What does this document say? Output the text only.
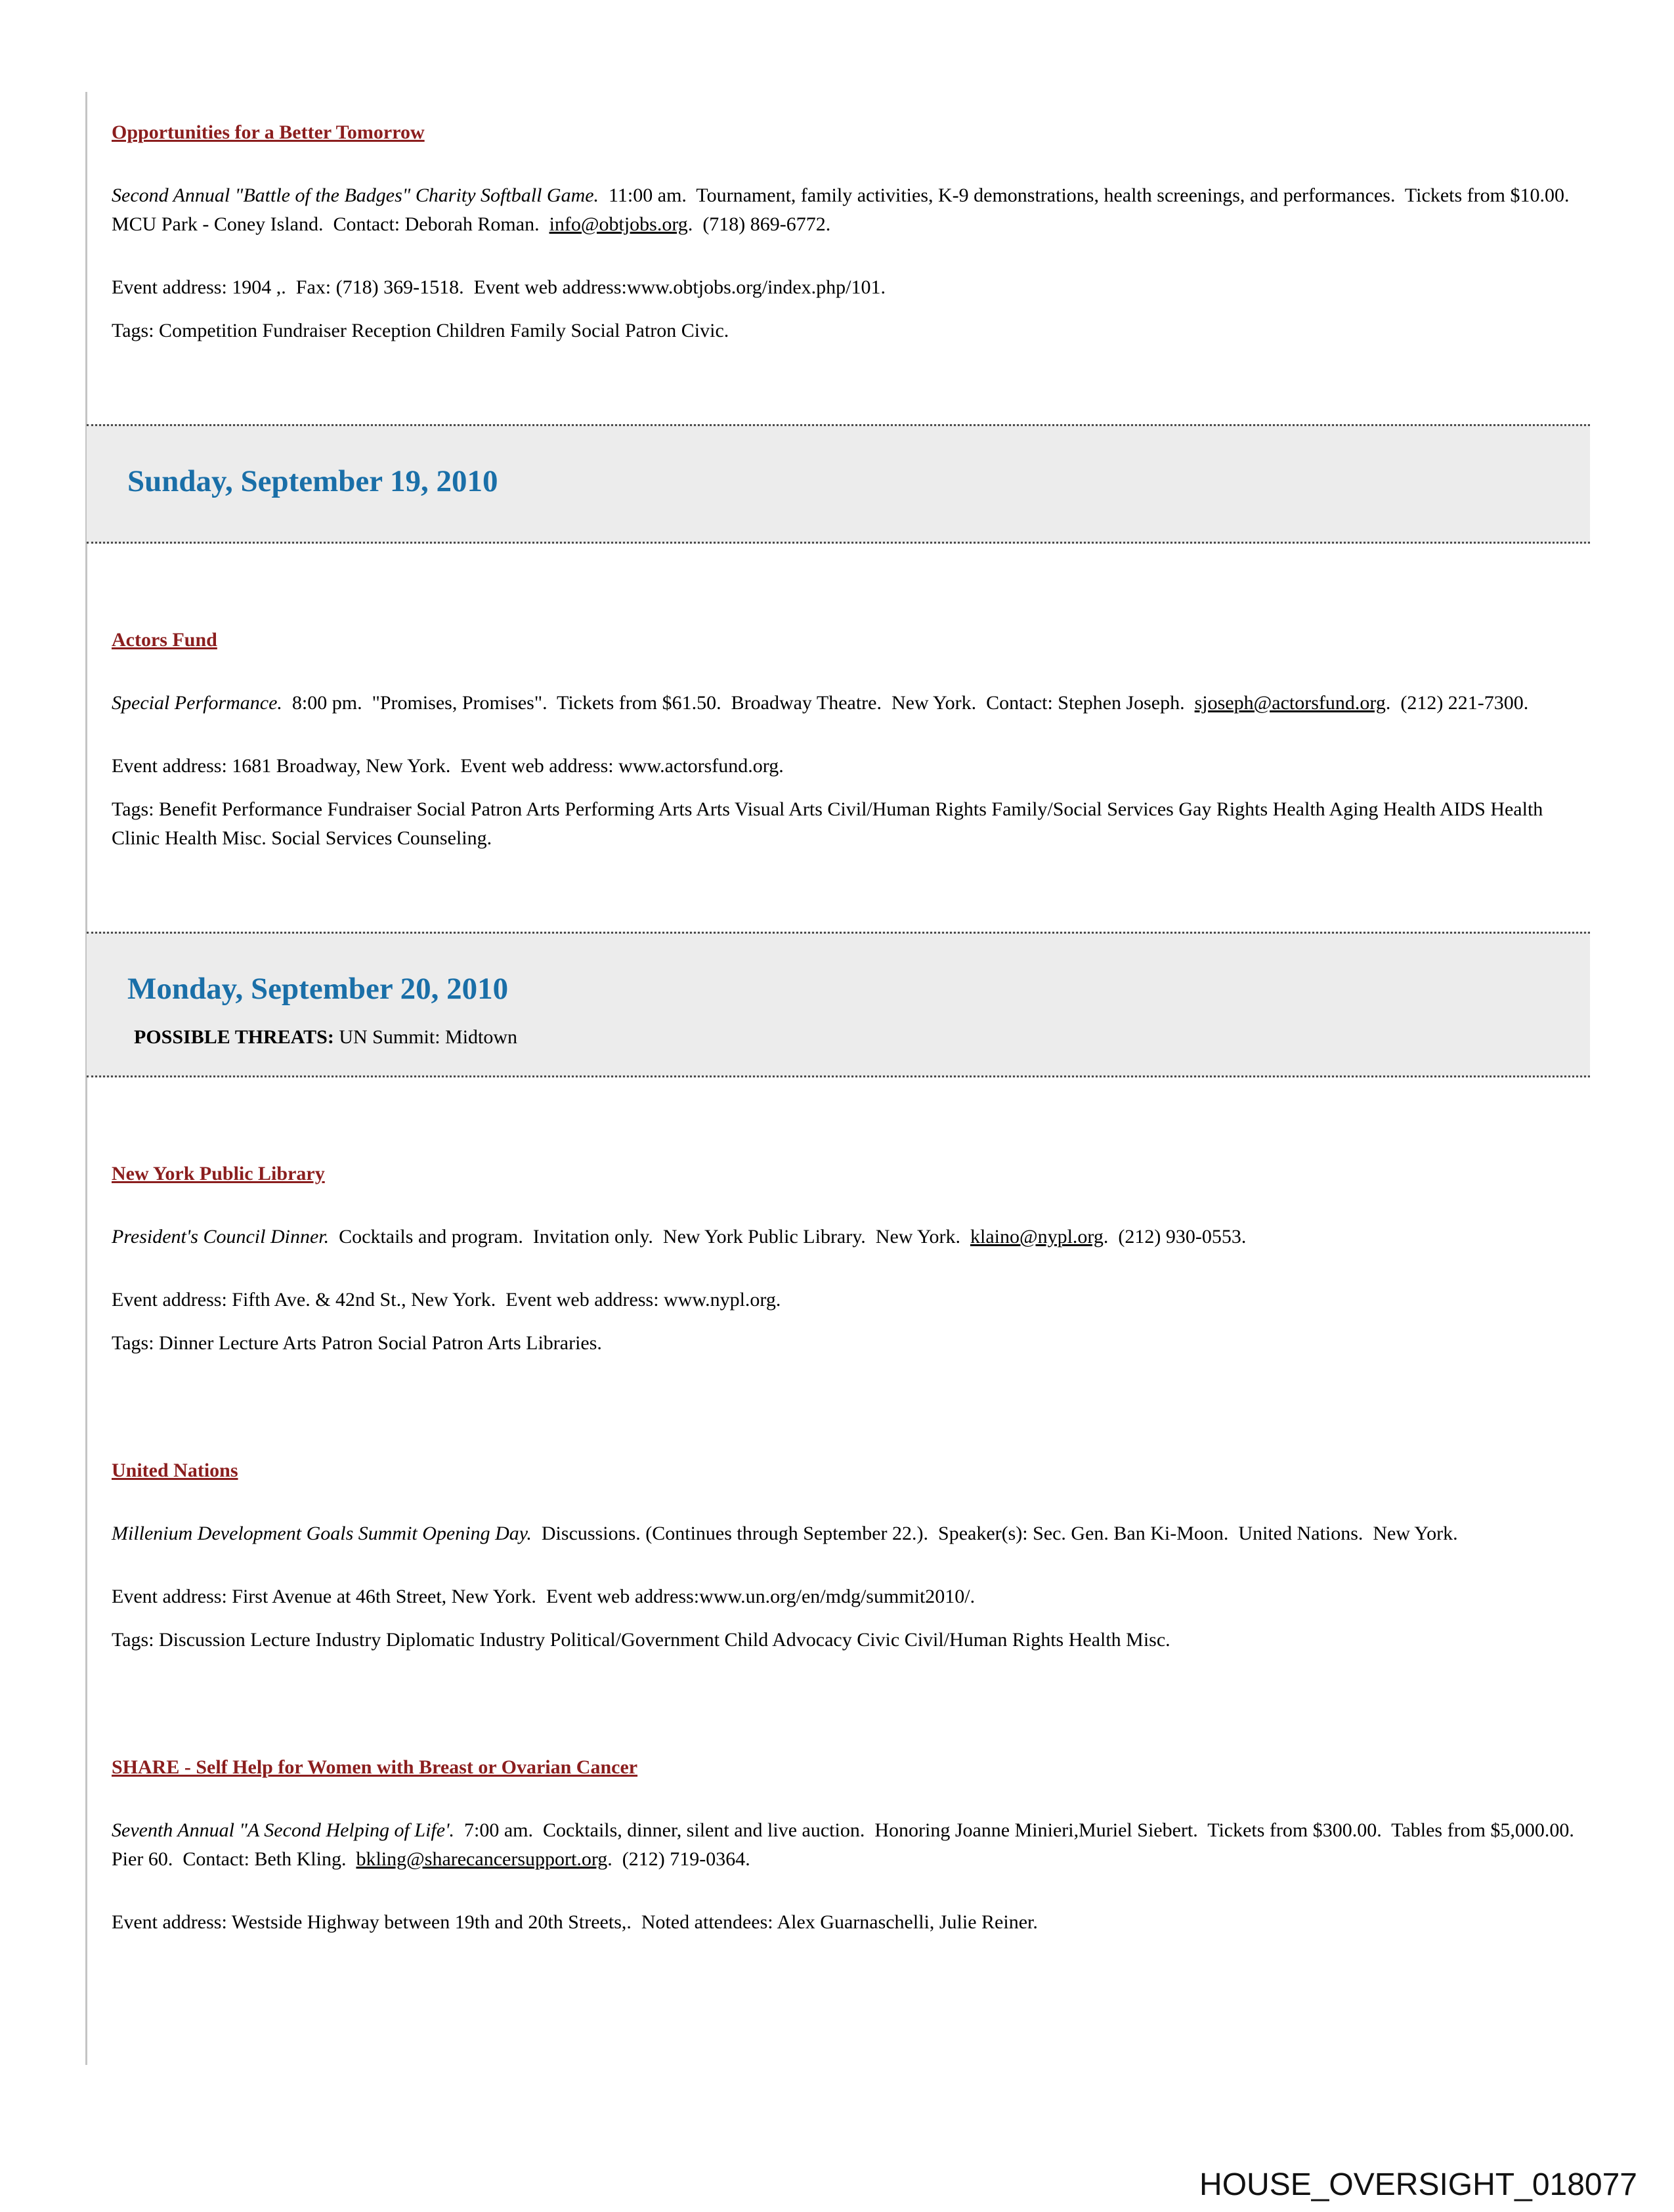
Opportunities for a Better Tomorrow

Second Annual "Battle of the Badges" Charity Softball Game.  11:00 am.  Tournament, family activities, K-9 demonstrations, health screenings, and performances.  Tickets from $10.00.  MCU Park - Coney Island.  Contact: Deborah Roman.  info@obtjobs.org.  (718) 869-6772.

Event address: 1904 ,.  Fax: (718) 369-1518.  Event web address:www.obtjobs.org/index.php/101.

Tags: Competition Fundraiser Reception Children Family Social Patron Civic.

Sunday, September 19, 2010
Actors Fund

Special Performance.  8:00 pm.  "Promises, Promises".  Tickets from $61.50.  Broadway Theatre.  New York.  Contact: Stephen Joseph.  sjoseph@actorsfund.org.  (212) 221-7300.

Event address: 1681 Broadway, New York.  Event web address: www.actorsfund.org.

Tags: Benefit Performance Fundraiser Social Patron Arts Performing Arts Arts Visual Arts Civil/Human Rights Family/Social Services Gay Rights Health Aging Health AIDS Health Clinic Health Misc. Social Services Counseling.

Monday, September 20, 2010

POSSIBLE THREATS: UN Summit: Midtown

New York Public Library

President's Council Dinner.  Cocktails and program.  Invitation only.  New York Public Library.  New York.  klaino@nypl.org.  (212) 930-0553.

Event address: Fifth Ave. & 42nd St., New York.  Event web address: www.nypl.org.

Tags: Dinner Lecture Arts Patron Social Patron Arts Libraries.

United Nations

Millenium Development Goals Summit Opening Day.  Discussions. (Continues through September 22.).  Speaker(s): Sec. Gen. Ban Ki-Moon.  United Nations.  New York.

Event address: First Avenue at 46th Street, New York.  Event web address:www.un.org/en/mdg/summit2010/.

Tags: Discussion Lecture Industry Diplomatic Industry Political/Government Child Advocacy Civic Civil/Human Rights Health Misc.

SHARE - Self Help for Women with Breast or Ovarian Cancer

Seventh Annual "A Second Helping of Life'.  7:00 am.  Cocktails, dinner, silent and live auction.  Honoring Joanne Minieri,Muriel Siebert.  Tickets from $300.00.  Tables from $5,000.00.  Pier 60.  Contact: Beth Kling.  bkling@sharecancersupport.org.  (212) 719-0364.

Event address: Westside Highway between 19th and 20th Streets,.  Noted attendees: Alex Guarnaschelli, Julie Reiner.

HOUSE_OVERSIGHT_018077
